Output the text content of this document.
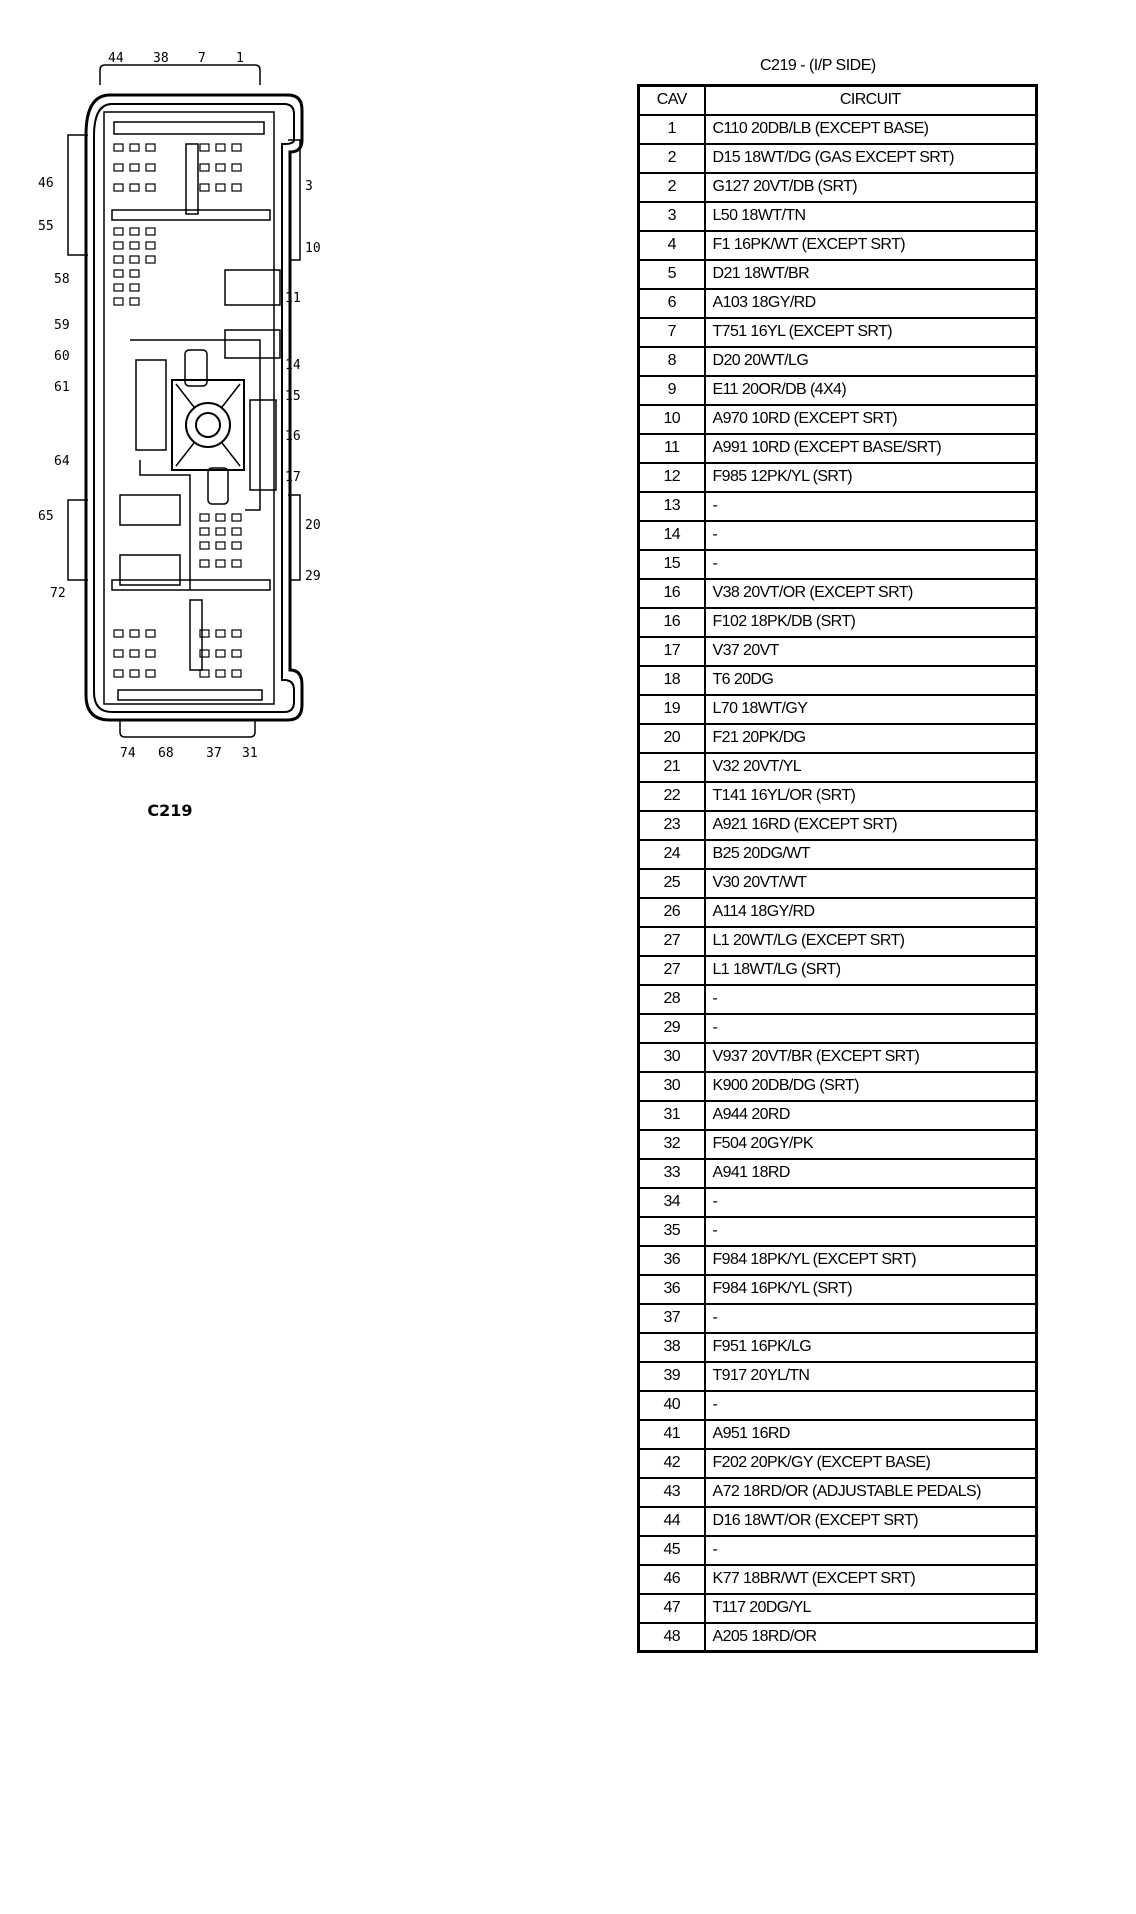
44 38 7 1
46
55
58
59
60
61
64
65
72
3
10
11
14
15
16
17
20
29
74 68 37 31
C219
C219 - (I/P SIDE)
CAV	CIRCUIT
1	C110 20DB/LB (EXCEPT BASE)
2	D15 18WT/DG (GAS EXCEPT SRT)
2	G127 20VT/DB (SRT)
3	L50 18WT/TN
4	F1 16PK/WT (EXCEPT SRT)
5	D21 18WT/BR
6	A103 18GY/RD
7	T751 16YL (EXCEPT SRT)
8	D20 20WT/LG
9	E11 20OR/DB (4X4)
10	A970 10RD (EXCEPT SRT)
11	A991 10RD (EXCEPT BASE/SRT)
12	F985 12PK/YL (SRT)
13	-
14	-
15	-
16	V38 20VT/OR (EXCEPT SRT)
16	F102 18PK/DB (SRT)
17	V37 20VT
18	T6 20DG
19	L70 18WT/GY
20	F21 20PK/DG
21	V32 20VT/YL
22	T141 16YL/OR (SRT)
23	A921 16RD (EXCEPT SRT)
24	B25 20DG/WT
25	V30 20VT/WT
26	A114 18GY/RD
27	L1 20WT/LG (EXCEPT SRT)
27	L1 18WT/LG (SRT)
28	-
29	-
30	V937 20VT/BR (EXCEPT SRT)
30	K900 20DB/DG (SRT)
31	A944 20RD
32	F504 20GY/PK
33	A941 18RD
34	-
35	-
36	F984 18PK/YL (EXCEPT SRT)
36	F984 16PK/YL (SRT)
37	-
38	F951 16PK/LG
39	T917 20YL/TN
40	-
41	A951 16RD
42	F202 20PK/GY (EXCEPT BASE)
43	A72 18RD/OR (ADJUSTABLE PEDALS)
44	D16 18WT/OR (EXCEPT SRT)
45	-
46	K77 18BR/WT (EXCEPT SRT)
47	T117 20DG/YL
48	A205 18RD/OR
